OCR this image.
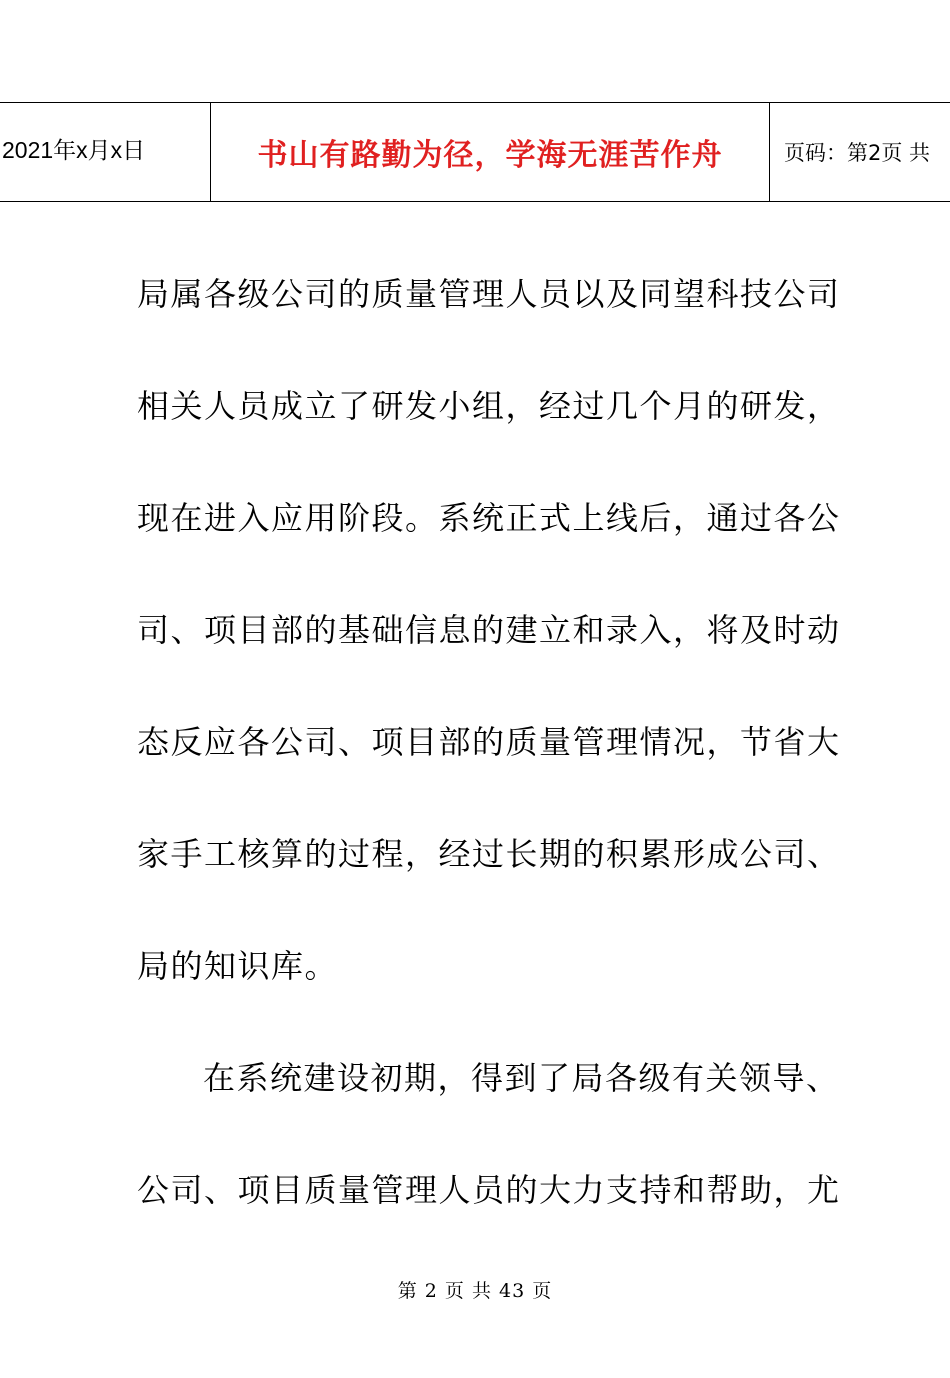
2021年x月x日	书山有路勤为径，学海无涯苦作舟	页码：第2页 共
局属各级公司的质量管理人员以及同望科技公司
相关人员成立了研发小组，经过几个月的研发，
现在进入应用阶段。系统正式上线后，通过各公
司、项目部的基础信息的建立和录入，将及时动
态反应各公司、项目部的质量管理情况，节省大
家手工核算的过程，经过长期的积累形成公司、
局的知识库。
在系统建设初期，得到了局各级有关领导、
公司、项目质量管理人员的大力支持和帮助，尤
第 2 页 共 43 页
